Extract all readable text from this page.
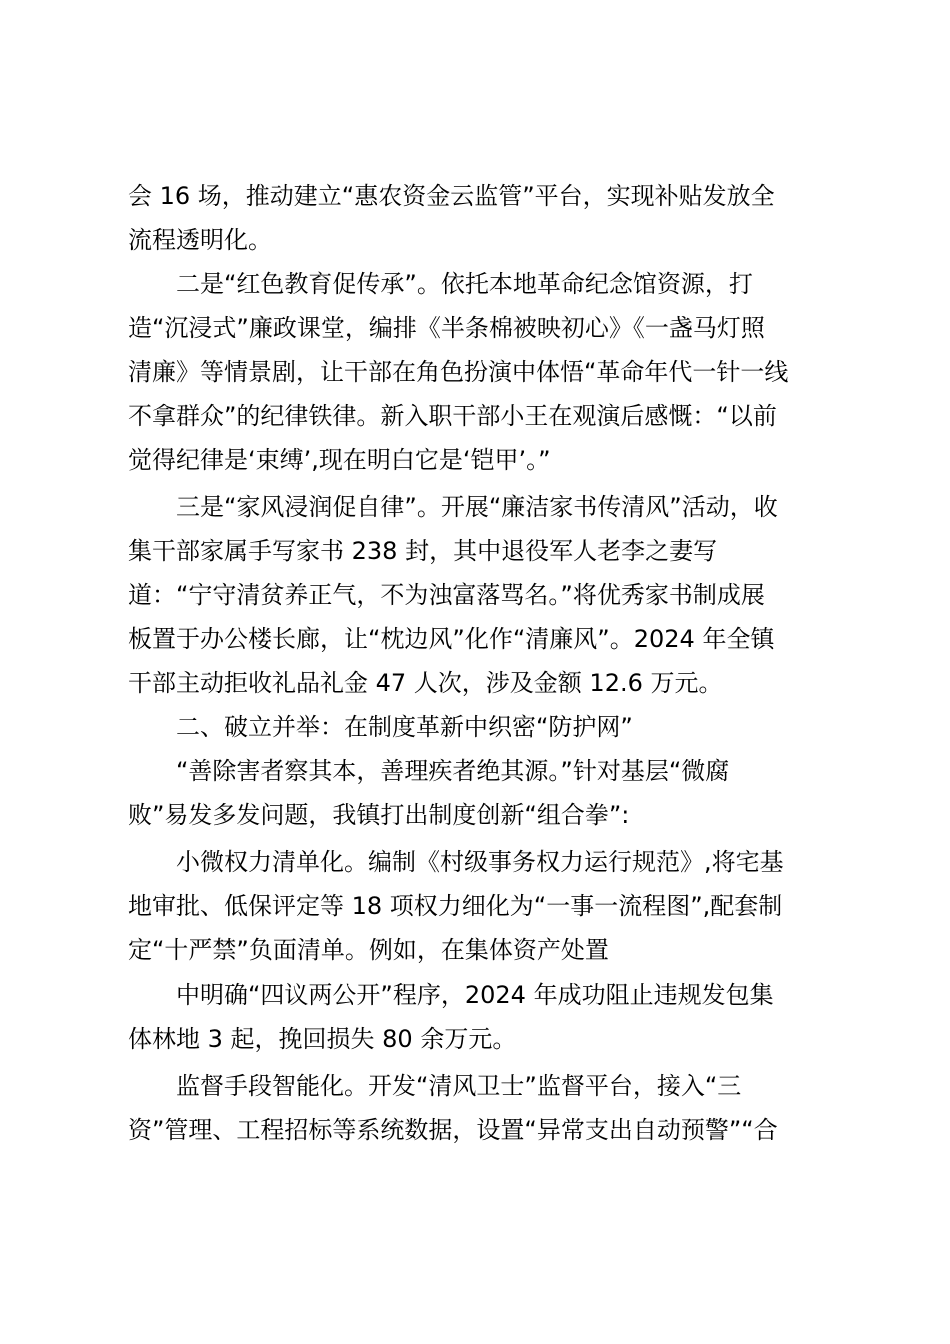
会 16 场，推动建立“惠农资金云监管”平台，实现补贴发放全
流程透明化。
二是“红色教育促传承”。依托本地革命纪念馆资源，打
造“沉浸式”廉政课堂，编排《半条棉被映初心》《一盏马灯照
清廉》等情景剧，让干部在角色扮演中体悟“革命年代一针一线
不拿群众”的纪律铁律。新入职干部小王在观演后感慨：“以前
觉得纪律是‘束缚’,现在明白它是‘铠甲’。”
三是“家风浸润促自律”。开展“廉洁家书传清风”活动，收
集干部家属手写家书 238 封，其中退役军人老李之妻写
道：“宁守清贫养正气，不为浊富落骂名。”将优秀家书制成展
板置于办公楼长廊，让“枕边风”化作“清廉风”。2024 年全镇
干部主动拒收礼品礼金 47 人次，涉及金额 12.6 万元。
二、破立并举：在制度革新中织密“防护网”
“善除害者察其本，善理疾者绝其源。”针对基层“微腐
败”易发多发问题，我镇打出制度创新“组合拳”:
小微权力清单化。编制《村级事务权力运行规范》,将宅基
地审批、低保评定等 18 项权力细化为“一事一流程图”,配套制
定“十严禁”负面清单。例如，在集体资产处置
中明确“四议两公开”程序，2024 年成功阻止违规发包集
体林地 3 起，挽回损失 80 余万元。
监督手段智能化。开发“清风卫士”监督平台，接入“三
资”管理、工程招标等系统数据，设置“异常支出自动预警”“合
